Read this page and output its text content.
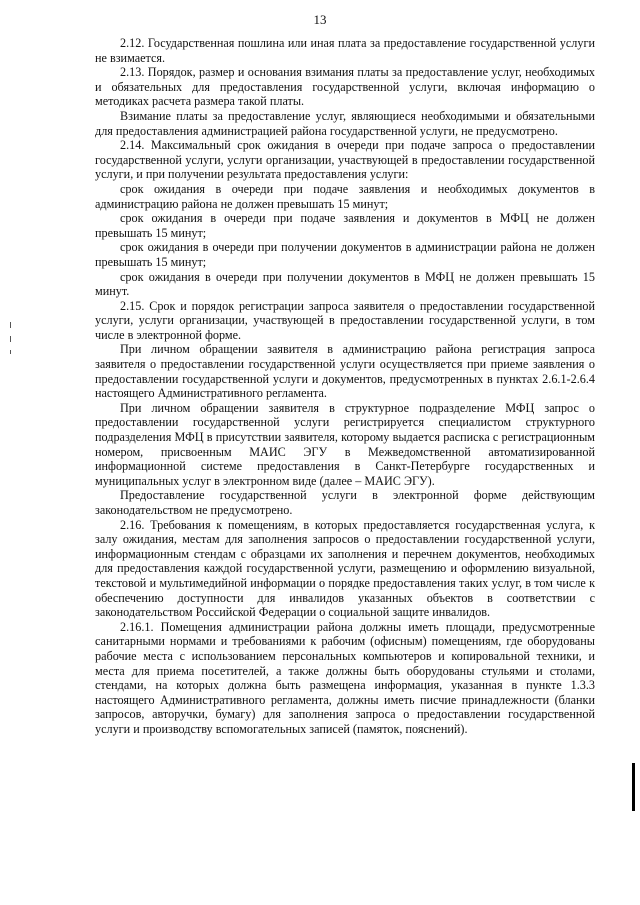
13

2.12. Государственная пошлина или иная плата за предоставление государственной услуги не взимается.

2.13. Порядок, размер и основания взимания платы за предоставление услуг, необходимых и обязательных для предоставления государственной услуги, включая информацию о методиках расчета размера такой платы.

Взимание платы за предоставление услуг, являющиеся необходимыми и обязательными для предоставления администрацией района государственной услуги, не предусмотрено.

2.14. Максимальный срок ожидания в очереди при подаче запроса о предоставлении государственной услуги, услуги организации, участвующей в предоставлении государственной услуги, и при получении результата предоставления услуги:

срок ожидания в очереди при подаче заявления и необходимых документов в администрацию района не должен превышать 15 минут;

срок ожидания в очереди при подаче заявления и документов в МФЦ не должен превышать 15 минут;

срок ожидания в очереди при получении документов в администрации района не должен превышать 15 минут;

срок ожидания в очереди при получении документов в МФЦ не должен превышать 15 минут.

2.15. Срок и порядок регистрации запроса заявителя о предоставлении государственной услуги, услуги организации, участвующей в предоставлении государственной услуги, в том числе в электронной форме.

При личном обращении заявителя в администрацию района регистрация запроса заявителя о предоставлении государственной услуги осуществляется при приеме заявления о предоставлении государственной услуги и документов, предусмотренных в пунктах 2.6.1-2.6.4 настоящего Административного регламента.

При личном обращении заявителя в структурное подразделение МФЦ запрос о предоставлении государственной услуги регистрируется специалистом структурного подразделения МФЦ в присутствии заявителя, которому выдается расписка с регистрационным номером, присвоенным МАИС ЭГУ в Межведомственной автоматизированной информационной системе предоставления в Санкт-Петербурге государственных и муниципальных услуг в электронном виде (далее – МАИС ЭГУ).

Предоставление государственной услуги в электронной форме действующим законодательством не предусмотрено.

2.16. Требования к помещениям, в которых предоставляется государственная услуга, к залу ожидания, местам для заполнения запросов о предоставлении государственной услуги, информационным стендам с образцами их заполнения и перечнем документов, необходимых для предоставления каждой государственной услуги, размещению и оформлению визуальной, текстовой и мультимедийной информации о порядке предоставления таких услуг, в том числе к обеспечению доступности для инвалидов указанных объектов в соответствии с законодательством Российской Федерации о социальной защите инвалидов.

2.16.1. Помещения администрации района должны иметь площади, предусмотренные санитарными нормами и требованиями к рабочим (офисным) помещениям, где оборудованы рабочие места с использованием персональных компьютеров и копировальной техники, и места для приема посетителей, а также должны быть оборудованы стульями и столами, стендами, на которых должна быть размещена информация, указанная в пункте 1.3.3 настоящего Административного регламента, должны иметь писчие принадлежности (бланки запросов, авторучки, бумагу) для заполнения запроса о предоставлении государственной услуги и производству вспомогательных записей (памяток, пояснений).
